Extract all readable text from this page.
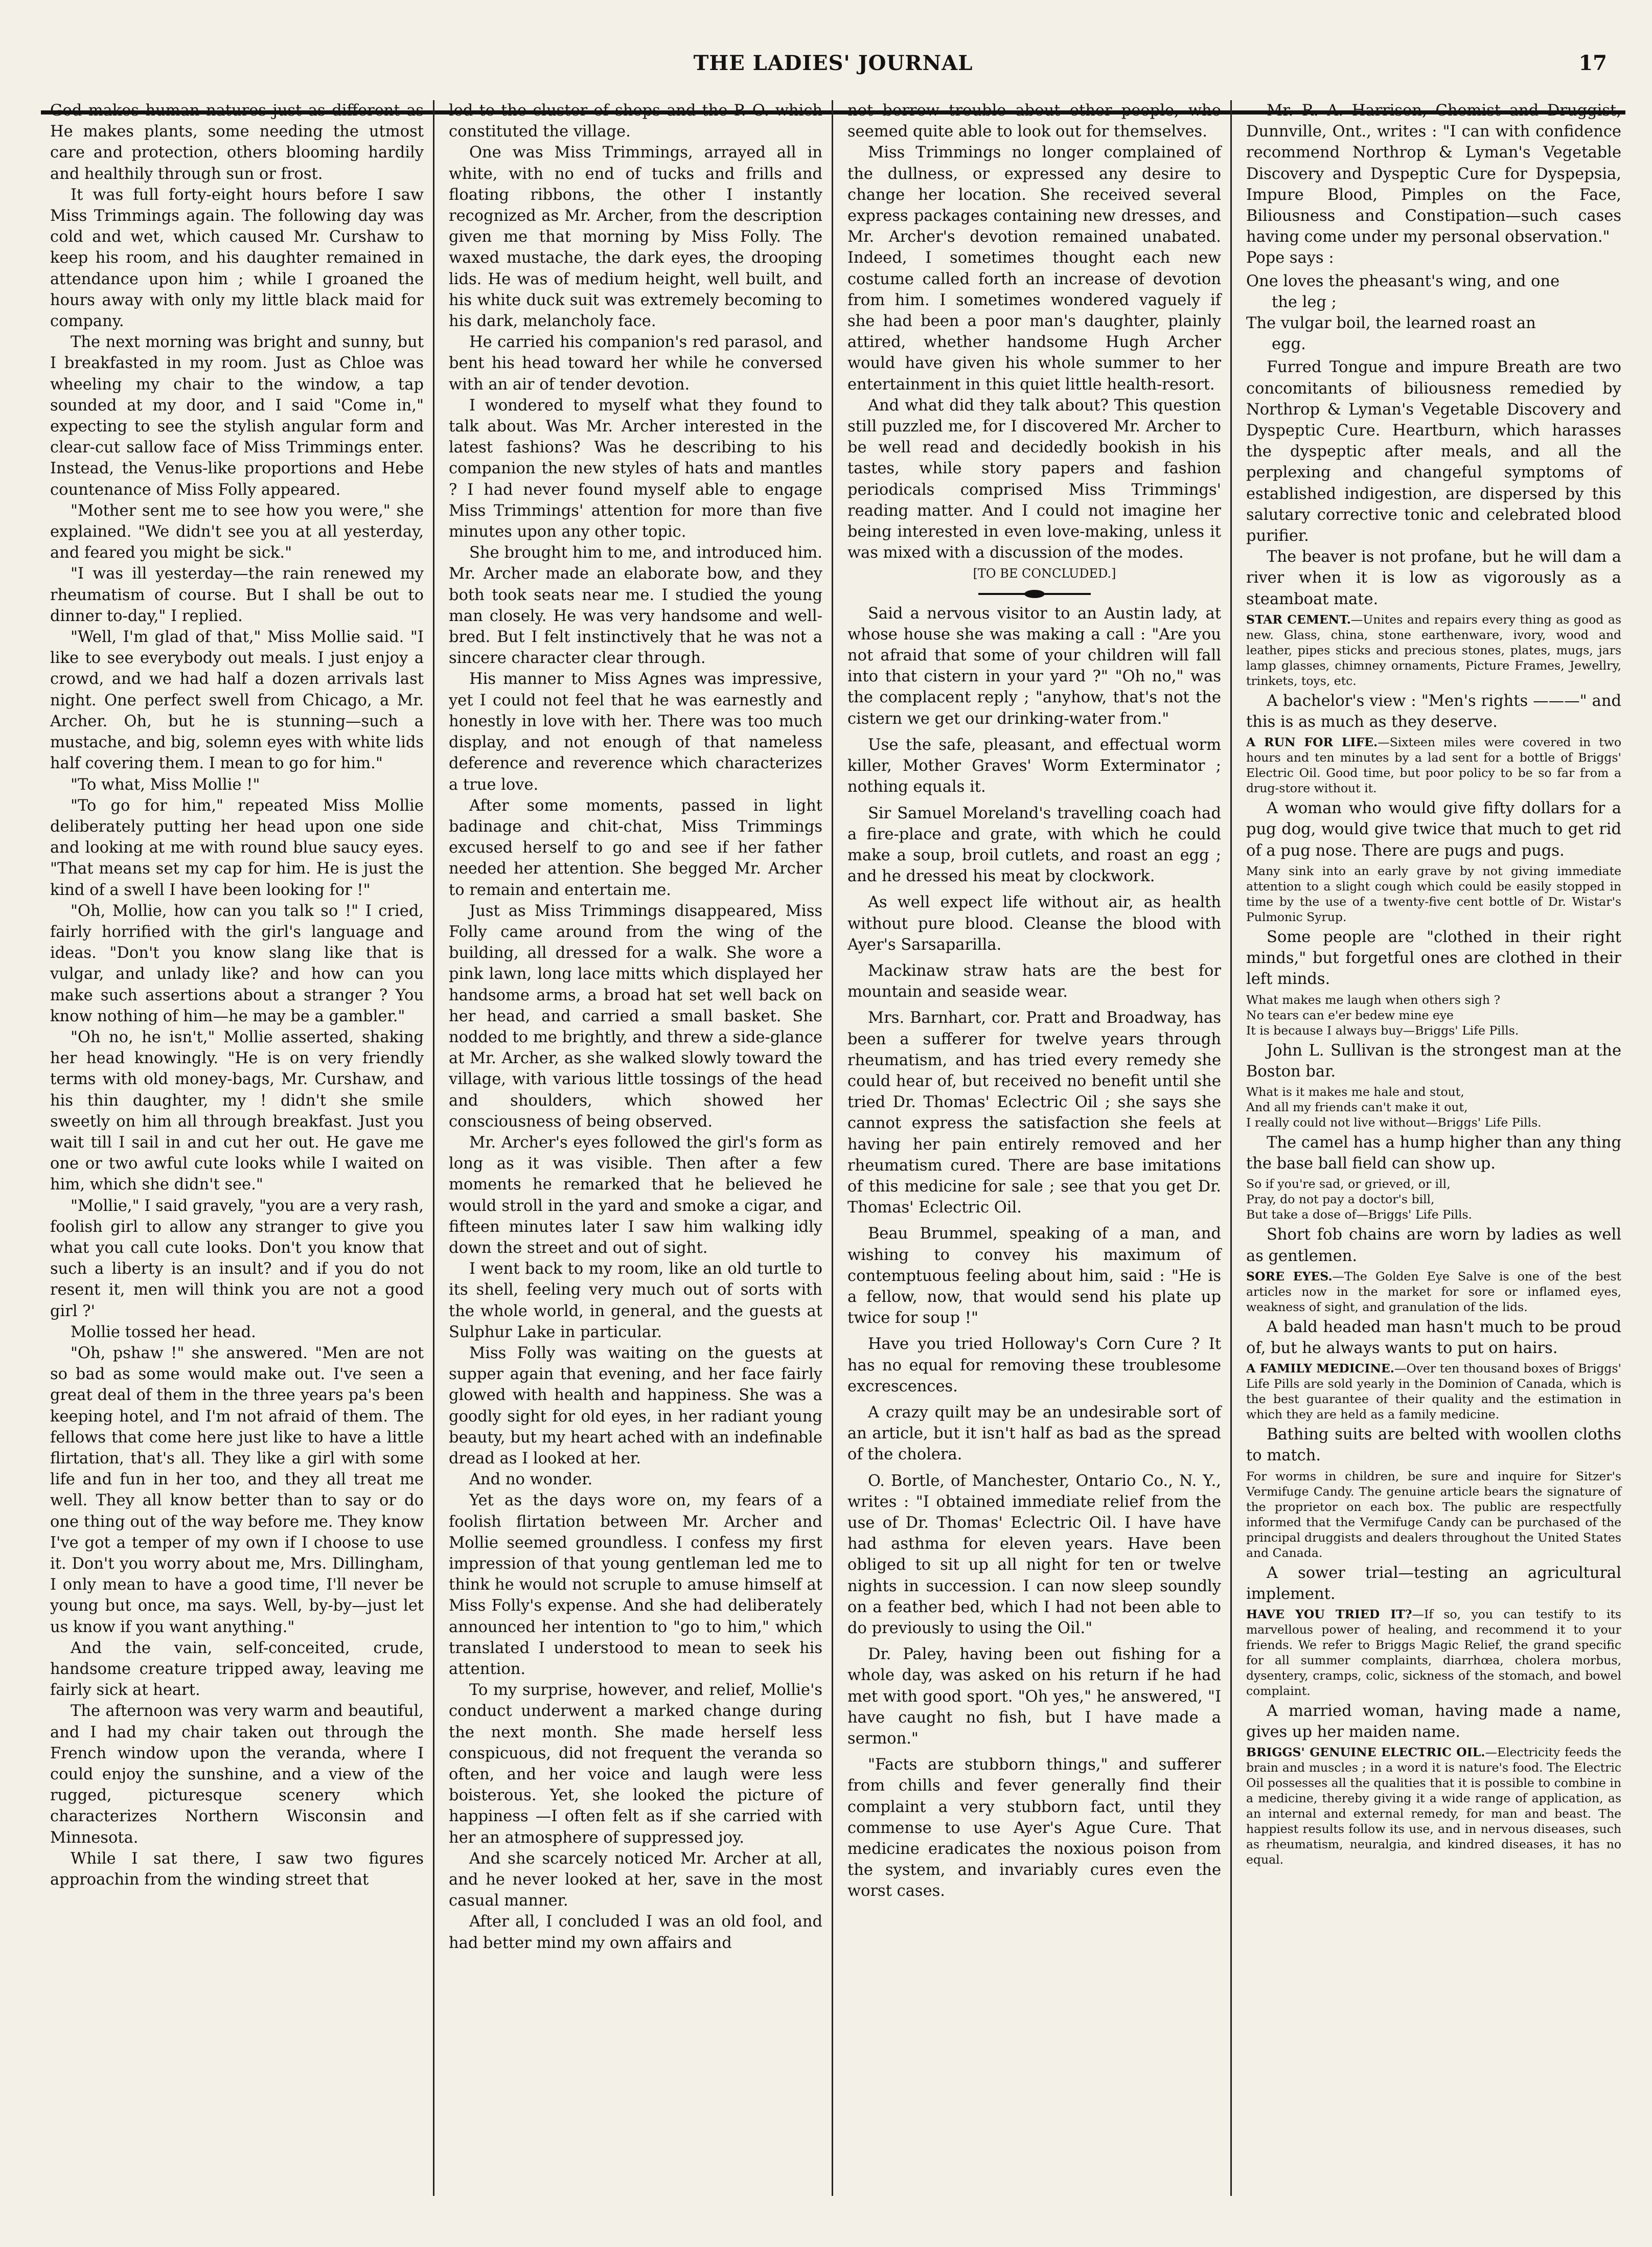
THE LADIES' JOURNAL	17

God makes human natures just as different as He makes plants, some needing the utmost care and protection, others blooming hardily and healthily through sun or frost.

It was full forty-eight hours before I saw Miss Trimmings again. The following day was cold and wet, which caused Mr. Curshaw to keep his room, and his daughter remained in attendance upon him ; while I groaned the hours away with only my little black maid for company.

The next morning was bright and sunny, but I breakfasted in my room. Just as Chloe was wheeling my chair to the window, a tap sounded at my door, and I said "Come in," expecting to see the stylish angular form and clear-cut sallow face of Miss Trimmings enter. Instead, the Venus-like proportions and Hebe countenance of Miss Folly appeared.

"Mother sent me to see how you were," she explained. "We didn't see you at all yesterday, and feared you might be sick."

"I was ill yesterday—the rain renewed my rheumatism of course. But I shall be out to dinner to-day," I replied.

"Well, I'm glad of that," Miss Mollie said. "I like to see everybody out meals. I just enjoy a crowd, and we had half a dozen arrivals last night. One perfect swell from Chicago, a Mr. Archer. Oh, but he is stunning—such a mustache, and big, solemn eyes with white lids half covering them. I mean to go for him."

"To what, Miss Mollie !"

"To go for him," repeated Miss Mollie deliberately putting her head upon one side and looking at me with round blue saucy eyes. "That means set my cap for him. He is just the kind of a swell I have been looking for !"

"Oh, Mollie, how can you talk so !" I cried, fairly horrified with the girl's language and ideas. "Don't you know slang like that is vulgar, and unlady like? and how can you make such assertions about a stranger ? You know nothing of him—he may be a gambler."

"Oh no, he isn't," Mollie asserted, shaking her head knowingly. "He is on very friendly terms with old money-bags, Mr. Curshaw, and his thin daughter, my ! didn't she smile sweetly on him all through breakfast. Just you wait till I sail in and cut her out. He gave me one or two awful cute looks while I waited on him, which she didn't see."

"Mollie," I said gravely, "you are a very rash, foolish girl to allow any stranger to give you what you call cute looks. Don't you know that such a liberty is an insult? and if you do not resent it, men will think you are not a good girl ?'

Mollie tossed her head.

"Oh, pshaw !" she answered. "Men are not so bad as some would make out. I've seen a great deal of them in the three years pa's been keeping hotel, and I'm not afraid of them. The fellows that come here just like to have a little flirtation, that's all. They like a girl with some life and fun in her too, and they all treat me well. They all know better than to say or do one thing out of the way before me. They know I've got a temper of my own if I choose to use it. Don't you worry about me, Mrs. Dillingham, I only mean to have a good time, I'll never be young but once, ma says. Well, by-by—just let us know if you want anything."

And the vain, self-conceited, crude, handsome creature tripped away, leaving me fairly sick at heart.

The afternoon was very warm and beautiful, and I had my chair taken out through the French window upon the veranda, where I could enjoy the sunshine, and a view of the rugged, picturesque scenery which characterizes Northern Wisconsin and Minnesota.

While I sat there, I saw two figures approachin from the winding street that

led to the cluster of shops and the P. O. which constituted the village.

One was Miss Trimmings, arrayed all in white, with no end of tucks and frills and floating ribbons, the other I instantly recognized as Mr. Archer, from the description given me that morning by Miss Folly. The waxed mustache, the dark eyes, the drooping lids. He was of medium height, well built, and his white duck suit was extremely becoming to his dark, melancholy face.

He carried his companion's red parasol, and bent his head toward her while he conversed with an air of tender devotion.

I wondered to myself what they found to talk about. Was Mr. Archer interested in the latest fashions? Was he describing to his companion the new styles of hats and mantles ? I had never found myself able to engage Miss Trimmings' attention for more than five minutes upon any other topic.

She brought him to me, and introduced him. Mr. Archer made an elaborate bow, and they both took seats near me. I studied the young man closely. He was very handsome and well-bred. But I felt instinctively that he was not a sincere character clear through.

His manner to Miss Agnes was impressive, yet I could not feel that he was earnestly and honestly in love with her. There was too much display, and not enough of that nameless deference and reverence which characterizes a true love.

After some moments, passed in light badinage and chit-chat, Miss Trimmings excused herself to go and see if her father needed her attention. She begged Mr. Archer to remain and entertain me.

Just as Miss Trimmings disappeared, Miss Folly came around from the wing of the building, all dressed for a walk. She wore a pink lawn, long lace mitts which displayed her handsome arms, a broad hat set well back on her head, and carried a small basket. She nodded to me brightly, and threw a side-glance at Mr. Archer, as she walked slowly toward the village, with various little tossings of the head and shoulders, which showed her consciousness of being observed.

Mr. Archer's eyes followed the girl's form as long as it was visible. Then after a few moments he remarked that he believed he would stroll in the yard and smoke a cigar, and fifteen minutes later I saw him walking idly down the street and out of sight.

I went back to my room, like an old turtle to its shell, feeling very much out of sorts with the whole world, in general, and the guests at Sulphur Lake in particular.

Miss Folly was waiting on the guests at supper again that evening, and her face fairly glowed with health and happiness. She was a goodly sight for old eyes, in her radiant young beauty, but my heart ached with an indefinable dread as I looked at her.

And no wonder.

Yet as the days wore on, my fears of a foolish flirtation between Mr. Archer and Mollie seemed groundless. I confess my first impression of that young gentleman led me to think he would not scruple to amuse himself at Miss Folly's expense. And she had deliberately announced her intention to "go to him," which translated I understood to mean to seek his attention.

To my surprise, however, and relief, Mollie's conduct underwent a marked change during the next month. She made herself less conspicuous, did not frequent the veranda so often, and her voice and laugh were less boisterous. Yet, she looked the picture of happiness —I often felt as if she carried with her an atmosphere of suppressed joy.

And she scarcely noticed Mr. Archer at all, and he never looked at her, save in the most casual manner.

After all, I concluded I was an old fool, and had better mind my own affairs and

not borrow trouble about other people, who seemed quite able to look out for themselves.

Miss Trimmings no longer complained of the dullness, or expressed any desire to change her location. She received several express packages containing new dresses, and Mr. Archer's devotion remained unabated. Indeed, I sometimes thought each new costume called forth an increase of devotion from him. I sometimes wondered vaguely if she had been a poor man's daughter, plainly attired, whether handsome Hugh Archer would have given his whole summer to her entertainment in this quiet little health-resort.

And what did they talk about? This question still puzzled me, for I discovered Mr. Archer to be well read and decidedly bookish in his tastes, while story papers and fashion periodicals comprised Miss Trimmings' reading matter. And I could not imagine her being interested in even love-making, unless it was mixed with a discussion of the modes.

[TO BE CONCLUDED.]

Said a nervous visitor to an Austin lady, at whose house she was making a call : "Are you not afraid that some of your children will fall into that cistern in your yard ?" "Oh no," was the complacent reply ; "anyhow, that's not the cistern we get our drinking-water from."

Use the safe, pleasant, and effectual worm killer, Mother Graves' Worm Exterminator ; nothing equals it.

Sir Samuel Moreland's travelling coach had a fire-place and grate, with which he could make a soup, broil cutlets, and roast an egg ; and he dressed his meat by clockwork.

As well expect life without air, as health without pure blood. Cleanse the blood with Ayer's Sarsaparilla.

Mackinaw straw hats are the best for mountain and seaside wear.

Mrs. Barnhart, cor. Pratt and Broadway, has been a sufferer for twelve years through rheumatism, and has tried every remedy she could hear of, but received no benefit until she tried Dr. Thomas' Eclectric Oil ; she says she cannot express the satisfaction she feels at having her pain entirely removed and her rheumatism cured. There are base imitations of this medicine for sale ; see that you get Dr. Thomas' Eclectric Oil.

Beau Brummel, speaking of a man, and wishing to convey his maximum of contemptuous feeling about him, said : "He is a fellow, now, that would send his plate up twice for soup !"

Have you tried Holloway's Corn Cure ? It has no equal for removing these troublesome excrescences.

A crazy quilt may be an undesirable sort of an article, but it isn't half as bad as the spread of the cholera.

O. Bortle, of Manchester, Ontario Co., N. Y., writes : "I obtained immediate relief from the use of Dr. Thomas' Eclectric Oil. I have have had asthma for eleven years. Have been obliged to sit up all night for ten or twelve nights in succession. I can now sleep soundly on a feather bed, which I had not been able to do previously to using the Oil."

Dr. Paley, having been out fishing for a whole day, was asked on his return if he had met with good sport. "Oh yes," he answered, "I have caught no fish, but I have made a sermon."

"Facts are stubborn things," and sufferer from chills and fever generally find their complaint a very stubborn fact, until they commense to use Ayer's Ague Cure. That medicine eradicates the noxious poison from the system, and invariably cures even the worst cases.

Mr. R. A. Harrison, Chemist and Druggist, Dunnville, Ont., writes : "I can with confidence recommend Northrop & Lyman's Vegetable Discovery and Dyspeptic Cure for Dyspepsia, Impure Blood, Pimples on the Face, Biliousness and Constipation—such cases having come under my personal observation."

Pope says :

One loves the pheasant's wing, and one
the leg ;
The vulgar boil, the learned roast an
egg.

Furred Tongue and impure Breath are two concomitants of biliousness remedied by Northrop & Lyman's Vegetable Discovery and Dyspeptic Cure. Heartburn, which harasses the dyspeptic after meals, and all the perplexing and changeful symptoms of established indigestion, are dispersed by this salutary corrective tonic and celebrated blood purifier.

The beaver is not profane, but he will dam a river when it is low as vigorously as a steamboat mate.

STAR CEMENT.—Unites and repairs every thing as good as new. Glass, china, stone earthenware, ivory, wood and leather, pipes sticks and precious stones, plates, mugs, jars lamp glasses, chimney ornaments, Picture Frames, Jewellry, trinkets, toys, etc.

A bachelor's view : "Men's rights ———" and this is as much as they deserve.

A RUN FOR LIFE.—Sixteen miles were covered in two hours and ten minutes by a lad sent for a bottle of Briggs' Electric Oil. Good time, but poor policy to be so far from a drug-store without it.

A woman who would give fifty dollars for a pug dog, would give twice that much to get rid of a pug nose. There are pugs and pugs.

Many sink into an early grave by not giving immediate attention to a slight cough which could be easily stopped in time by the use of a twenty-five cent bottle of Dr. Wistar's Pulmonic Syrup.

Some people are "clothed in their right minds," but forgetful ones are clothed in their left minds.

What makes me laugh when others sigh ?
No tears can e'er bedew mine eye
It is because I always buy—Briggs' Life Pills.

John L. Sullivan is the strongest man at the Boston bar.

What is it makes me hale and stout,
And all my friends can't make it out,
I really could not live without—Briggs' Life Pills.

The camel has a hump higher than any thing the base ball field can show up.

So if you're sad, or grieved, or ill,
Pray, do not pay a doctor's bill,
But take a dose of—Briggs' Life Pills.

Short fob chains are worn by ladies as well as gentlemen.

SORE EYES.—The Golden Eye Salve is one of the best articles now in the market for sore or inflamed eyes, weakness of sight, and granulation of the lids.

A bald headed man hasn't much to be proud of, but he always wants to put on hairs.

A FAMILY MEDICINE.—Over ten thousand boxes of Briggs' Life Pills are sold yearly in the Dominion of Canada, which is the best guarantee of their quality and the estimation in which they are held as a family medicine.

Bathing suits are belted with woollen cloths to match.

For worms in children, be sure and inquire for Sitzer's Vermifuge Candy. The genuine article bears the signature of the proprietor on each box. The public are respectfully informed that the Vermifuge Candy can be purchased of the principal druggists and dealers throughout the United States and Canada.

A sower trial—testing an agricultural implement.

HAVE YOU TRIED IT?—If so, you can testify to its marvellous power of healing, and recommend it to your friends. We refer to Briggs Magic Relief, the grand specific for all summer complaints, diarrhœa, cholera morbus, dysentery, cramps, colic, sickness of the stomach, and bowel complaint.

A married woman, having made a name, gives up her maiden name.

BRIGGS' GENUINE ELECTRIC OIL.—Electricity feeds the brain and muscles ; in a word it is nature's food. The Electric Oil possesses all the qualities that it is possible to combine in a medicine, thereby giving it a wide range of application, as an internal and external remedy, for man and beast. The happiest results follow its use, and in nervous diseases, such as rheumatism, neuralgia, and kindred diseases, it has no equal.
